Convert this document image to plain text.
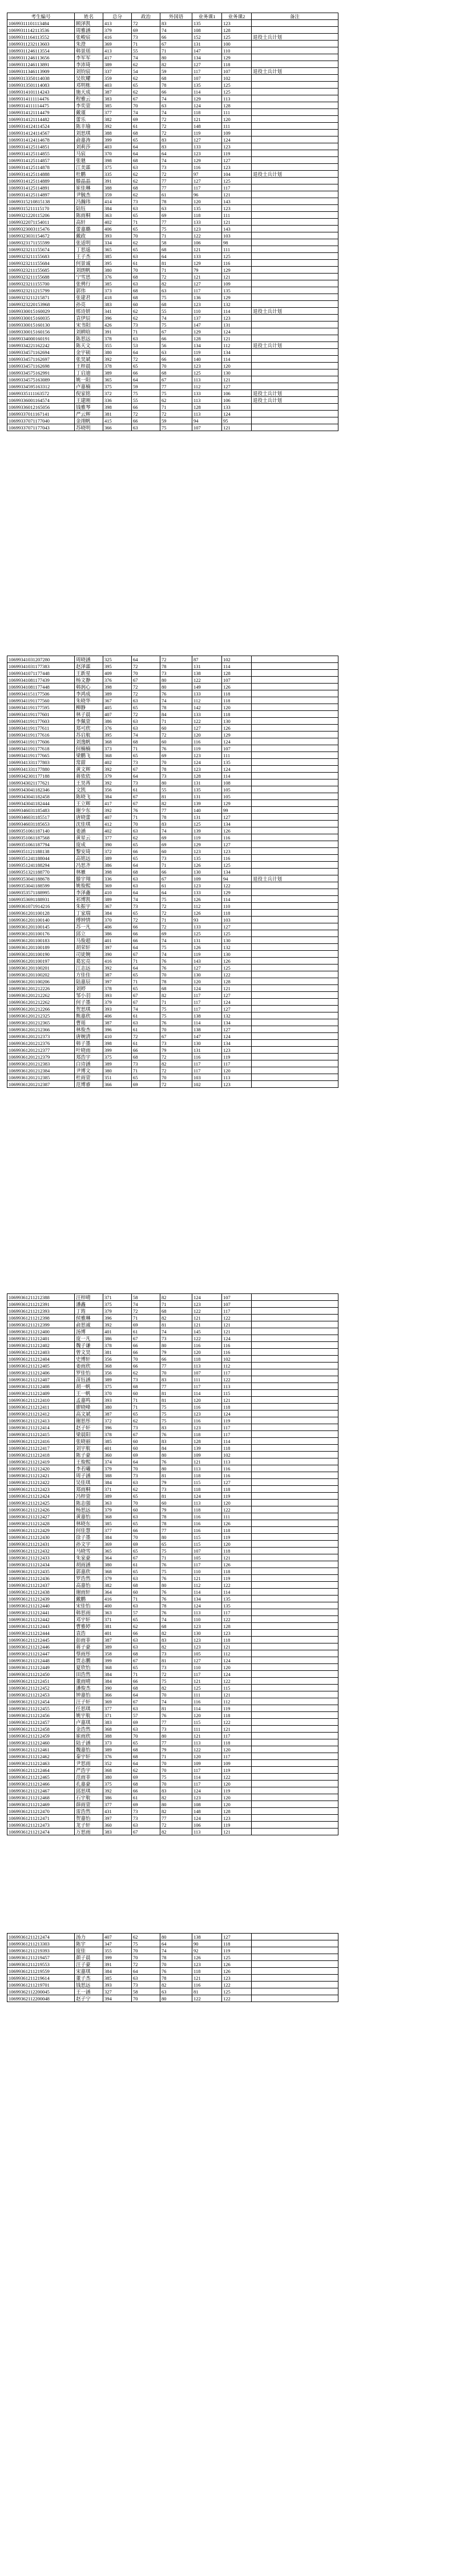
考生编号	姓名	总分	政治	外国语	业务课1	业务课2	备注
10699311101113484	顾泽凯	413	72	83	135	123	
10699311142113536	周雅涵	379	69	74	108	128	
10699311164113552	张峻宸	416	73	66	152	125	退役士兵计划
10699311232113603	朱澄	369	71	67	131	100	
10699311246113554	韩景瑶	413	55	71	147	110	
10699311246113656	李军军	417	74	80	134	129	
10699311246113891	李沛琦	389	62	82	127	118	
10699311346113909	刘钧宸	337	54	59	117	107	退役士兵计划
10699313350114038	吴钦耀	359	62	68	107	102	
10699313501114083	邓明栋	403	65	78	135	125	
10699314101114243	施天成	387	62	66	114	125	
10699314111114476	程雅云	383	67	74	129	113	
10699314111114475	李奕萱	385	70	63	124	128	
10699314121114479	戴谨	377	74	74	118	111	
10699314121114482	蕾乐	382	69	72	121	120	
10699314124114524	陈丰瑜	392	61	72	148	111	
10699314124114567	刘思琪	388	68	72	119	109	
10699314124114678	俞嘉涛	399	65	83	127	124	
10699314125114851	刘莉莎	403	64	83	133	123	
10699314125114855	马宸	370	64	64	123	119	
10699314125114857	张驰	398	68	74	129	127	
10699314125114878	江美霖	375	63	73	116	123	
10699314125114888	杜鹏	335	62	72	97	104	退役士兵计划
10699314125114889	滕晶晶	391	62	77	127	125	
10699314125114891	崔佳琳	388	68	77	117	117	
10699314125114897	尹毓杰	359	62	61	96	121	
10699315210815138	冯瀚玮	414	73	78	120	143	
10699315211115170	陆钰	384	63	63	135	123	
10699321220115206	陈雨桐	363	65	69	118	111	
10699322071154011	高轩	402	71	77	133	121	
10699323003115476	蕾嘉璐	406	65	75	123	143	
10699323031154672	戴政	393	70	71	122	103	
10699323171155599	张适明	334	62	58	106	98	
10699323211155674	丁思遥	365	65	68	121	111	
10699323211155683	王子杰	385	63	64	133	125	
10699323211155684	何景诚	395	61	81	129	116	
10699323211155685	刘朗帆	380	70	71	79	129	
10699323211155688	宁雪思	376	68	72	121	121	
10699323211155700	张骋行	385	63	82	127	109	
10699323211215799	郭伟	373	68	63	117	135	
10699323211215871	张建君	418	68	75	136	129	
10699323220153968	孙亮	383	60	68	123	132	
10699330015160029	邢诗妍	341	62	55	110	114	退役士兵计划
10699330015160035	袁伊辰	396	62	74	137	123	
10699330015160130	宋书阳	426	73	75	147	131	
10699330015160156	刘耕晗	391	71	67	129	124	
10699334000160191	陈思远	378	63	66	128	121	
10699334221162242	陈天文	355	53	56	134	112	退役士兵计划
10699334571162694	金宇硕	380	64	63	119	134	
10699334571162697	张昊斌	392	72	66	140	114	
10699334571162698	王梓晨	378	65	70	123	120	
10699334575162991	丁启迪	389	66	68	125	130	
10699334575163089	姚一阳	365	64	67	113	121	
10699334595163312	卢嘉楠	375	59	77	112	127	
10699335111163572	倪家铭	372	75	75	133	106	退役士兵计划
10699336001164574	王建刚	336	55	62	113	106	退役士兵计划
10699336012165056	钱雅琴	398	66	71	128	133	
10699337011167141	严云辉	381	72	72	113	124	
10699337071177040	金翊帆	415	66	59	94	95	
10699337071177043	苏晓明	366	63	75	107	121	
10699341031207280	周晓涵	325	64	72	87	102	
10699341031177383	赵泽霖	395	72	78	131	114	
10699341071177448	王新星	409	70	73	138	128	
10699341081177439	杨文静	376	67	80	122	107	
10699341081177448	韩润心	398	72	80	149	126	
10699341151177506	李鸿成	389	72	76	133	118	
10699341191177560	朱晓华	367	63	74	112	118	
10699341191177595	柳静	405	65	78	142	120	
10699341191177601	林子晨	407	72	84	133	118	
10699341191177603	李佩萱	386	63	71	122	130	
10699341191177611	郑可欣	376	63	60	127	126	
10699341191177616	苏启航	395	74	72	120	129	
10699341191177606	刘逸帆	368	68	60	116	124	
10699341191177618	何楠楠	373	71	76	119	107	
10699341191177665	梁鹏飞	368	65	69	123	111	
10699341331177803	常甜	402	73	70	124	135	
10699341331177880	黄文辉	392	67	78	123	124	
10699342301177188	蒋依依	379	64	73	128	114	
10699343021177621	王昊苒	392	73	80	131	108	
10699343041182346	文凯	356	61	55	135	105	
10699343041182458	陈晓飞	384	67	81	131	105	
10699343041182444	王立辉	417	67	82	139	129	
10699346031185483	谢少东	392	76	77	140	99	
10699346031185517	唐晓蕾	407	71	78	131	127	
10699346031185653	沈佳琪	412	70	83	125	134	
10699351061187140	姜涵	402	63	74	139	126	
10699351061187568	黄星云	377	62	69	119	116	
10699351061187794	庞成	390	65	69	129	127	
10699351121188138	黎安琦	372	66	60	123	123	
10699351241188044	高铭远	389	65	73	135	116	
10699351241188294	冯思齐	386	64	71	126	125	
10699351321188770	林雁	398	68	66	130	134	
10699353041188678	滕宇翔	336	63	67	109	94	退役士兵计划
10699353041188599	姚俊熙	369	63	61	123	122	
10699353571188995	李泽鑫	410	64	64	133	129	
10699353691188931	祁博凯	389	74	75	126	114	
10699361071914216	朱振宇	367	73	72	112	110	
10699361201100128	丁家瑞	384	65	72	126	118	
10699361201100140	傅钟情	370	72	71	93	103	
10699361201100145	苏一凡	406	66	72	133	127	
10699361201100176	邱立	386	66	69	125	125	
10699361201100183	马俊超	401	66	74	131	130	
10699361201100189	胡荣轩	397	64	75	126	132	
10699361201100190	司徒婉	390	67	74	119	130	
10699361201100197	葛宏亮	416	71	76	143	126	
10699361201100201	江志远	392	64	76	127	125	
10699361201100202	方佳佳	387	65	70	130	122	
10699361201100206	陆嘉辰	397	71	78	120	128	
10699361201212226	刘婷	378	65	68	124	121	
10699361201212262	邹小羽	393	67	82	117	127	
10699361201212262	何子墨	379	67	71	117	124	
10699361201212266	贺思琪	393	74	75	117	127	
10699361201212325	熊嘉欣	406	61	75	138	132	
10699361201212365	曹瑶	387	63	76	114	134	
10699361201212366	林俊杰	396	61	70	138	127	
10699361201212373	唐婉清	410	72	67	147	124	
10699361201212376	韩子墨	398	61	73	130	134	
10699361201212377	叶晓雨	399	66	79	131	123	
10699361201212379	郑浩宇	375	68	72	116	119	
10699361201212383	白诗涵	389	73	82	117	117	
10699361201212384	尹博文	380	71	72	117	120	
10699361201212385	杜雨萱	351	65	70	103	113	
10699361201212387	范博睿	366	69	72	102	123	
10699361211212388	汪梓晴	371	58	82	124	107	
10699361211212391	潘鑫	375	74	71	123	107	
10699361211212393	丁筠	379	72	68	122	117	
10699361211212398	侯雅琳	396	71	82	121	122	
10699361211212399	俞思诚	392	69	81	121	121	
10699361211212400	汤博	401	61	74	145	121	
10699361211212401	庞一凡	386	67	73	122	124	
10699361211212402	魏子谦	378	66	80	116	116	
10699361211212403	曾文昊	381	66	79	120	116	
10699361211212404	史博轩	356	70	66	118	102	
10699361211212405	姜雨欣	368	66	77	113	112	
10699361211212406	罗佳怡	356	62	70	107	117	
10699361211212407	苗钰涵	389	73	83	111	122	
10699361211212408	胡一帆	375	68	77	117	113	
10699361211212409	王一帆	370	60	81	114	115	
10699361211212410	孟嘉鸣	393	71	81	120	121	
10699361211212411	廖晓峰	380	71	75	116	118	
10699361211212412	高文斌	387	65	75	123	124	
10699361211212413	谢思彤	372	62	75	116	119	
10699361211212414	赵子轩	396	73	83	123	117	
10699361211212415	梁晨阳	378	67	76	118	117	
10699361211212416	张晓丽	385	60	83	128	114	
10699361211212417	刘宇航	401	60	84	139	118	
10699361211212418	陈子豪	360	69	80	109	102	
10699361211212419	王俊熙	374	64	76	121	113	
10699361211212420	李若曦	379	70	80	113	116	
10699361211212421	周子涵	388	73	81	118	116	
10699361211212422	吴佳琪	384	63	79	115	127	
10699361211212423	郑雨桐	371	62	73	118	118	
10699361211212424	冯梓萱	389	65	81	124	119	
10699361211212425	陈志强	363	70	60	113	120	
10699361211212426	杨思远	379	60	79	118	122	
10699361211212427	黄嘉怡	368	63	78	116	111	
10699361211212428	林晓东	385	65	78	116	126	
10699361211212429	何佳慧	377	66	77	116	118	
10699361211212430	徐子墨	384	70	80	115	119	
10699361211212431	孙文宇	369	69	65	115	120	
10699361211212432	马晓雪	365	65	75	107	118	
10699361211212433	朱家豪	364	67	71	105	121	
10699361211212434	胡雨涵	380	61	76	117	126	
10699361211212435	郭嘉欣	368	65	75	110	118	
10699361211212436	罗浩然	379	63	76	121	119	
10699361211212437	高嘉怡	382	68	80	112	122	
10699361211212438	谢雨轩	364	60	76	114	114	
10699361211212439	戴鹏	416	71	76	134	135	
10699361211212440	宋佳怡	400	63	78	124	135	
10699361211212441	韩思雨	363	57	76	113	117	
10699361211212442	邓宇轩	371	65	74	110	122	
10699361211212443	曹雅婷	381	62	68	123	128	
10699361211212444	袁浩	401	66	82	130	123	
10699361211212445	彭雨菲	387	63	83	123	118	
10699361211212446	蒋子豪	389	63	82	123	121	
10699361211212447	蔡雨彤	358	68	73	105	112	
10699361211212448	贾志鹏	399	67	81	127	124	
10699361211212449	夏欣怡	368	65	73	110	120	
10699361211212450	田浩然	384	71	72	117	124	
10699361211212451	董雨晴	384	66	75	121	122	
10699361211212452	潘俊杰	390	68	82	125	115	
10699361211212453	钟嘉怡	366	64	70	111	121	
10699361211212454	汪子轩	369	67	74	116	112	
10699361211212455	任思琪	377	63	81	114	119	
10699361211212456	姚宇航	371	57	76	120	118	
10699361211212457	卢嘉琪	383	69	77	115	122	
10699361211212458	金浩然	368	63	73	111	121	
10699361211212459	崔雨欣	388	70	80	121	117	
10699361211212460	陆子涵	373	65	77	113	118	
10699361211212461	魏嘉怡	389	68	79	122	120	
10699361211212462	秦宇轩	376	68	71	120	117	
10699361211212463	尹思雨	352	64	70	109	109	
10699361211212464	严浩宇	368	62	70	117	119	
10699361211212465	范雨菲	380	69	75	114	122	
10699361211212466	孔嘉豪	375	68	70	117	120	
10699361211212467	邱思琪	392	66	83	124	119	
10699361211212468	石宇航	386	61	82	123	120	
10699361211212469	薛雨萱	377	69	80	108	120	
10699361211212470	雷浩然	431	73	82	148	128	
10699361211212471	贺嘉怡	397	73	77	124	123	
10699361211212473	龙子轩	360	63	72	106	119	
10699361211212474	万思雨	383	67	82	113	121	
10699361211212474	汤力	407	62	80	138	127	
10699361211213303	陈宇	347	75	64	90	118	
10699361211219393	庞佳	355	70	74	92	119	
10699361211219457	颜子晨	399	70	78	126	125	
10699361211219553	汪子豪	391	72	70	123	126	
10699361211219559	宋嘉琪	384	64	76	118	126	
10699361211219614	董子杰	385	63	78	121	123	
10699361211219701	钱思远	393	73	82	116	122	
10699362112200045	王一涵	327	58	63	81	125	
10699362112200048	赵子宁	394	70	80	122	122	
